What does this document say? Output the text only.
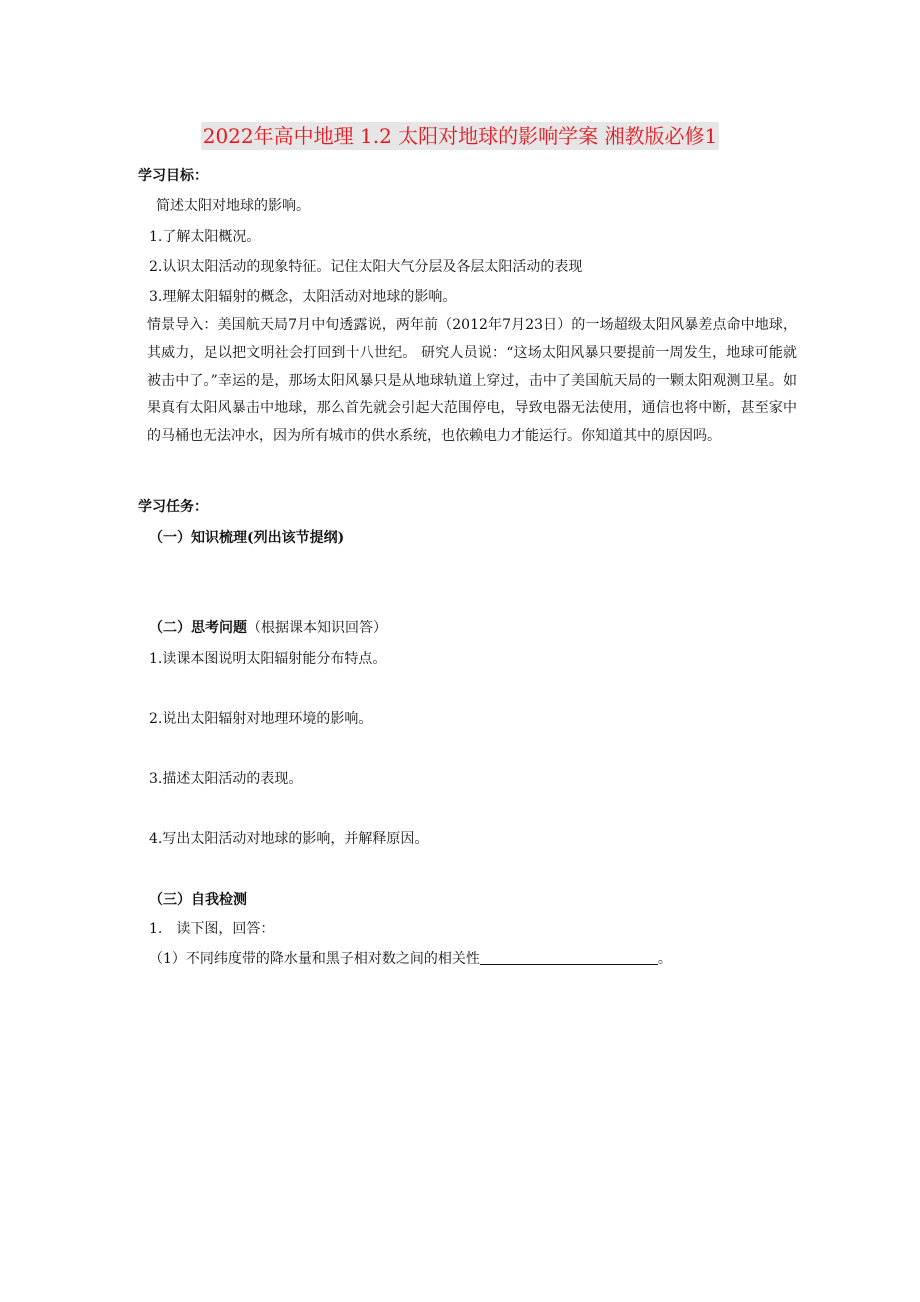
2022年高中地理 1.2 太阳对地球的影响学案 湘教版必修1
学习目标：
简述太阳对地球的影响。
1.了解太阳概况。
2.认识太阳活动的现象特征。记住太阳大气分层及各层太阳活动的表现
3.理解太阳辐射的概念，太阳活动对地球的影响。
情景导入：美国航天局7月中旬透露说，两年前（2012年7月23日）的一场超级太阳风暴差点命中地球，其威力，足以把文明社会打回到十八世纪。 研究人员说：“这场太阳风暴只要提前一周发生，地球可能就被击中了。”幸运的是，那场太阳风暴只是从地球轨道上穿过，击中了美国航天局的一颗太阳观测卫星。如果真有太阳风暴击中地球，那么首先就会引起大范围停电，导致电器无法使用，通信也将中断，甚至家中的马桶也无法冲水，因为所有城市的供水系统，也依赖电力才能运行。你知道其中的原因吗。
学习任务：
（一）知识梳理(列出该节提纲)
（二）思考问题（根据课本知识回答）
1.读课本图说明太阳辐射能分布特点。
2.说出太阳辐射对地理环境的影响。
3.描述太阳活动的表现。
4.写出太阳活动对地球的影响，并解释原因。
（三）自我检测
1.　读下图，回答：
（1）不同纬度带的降水量和黑子相对数之间的相关性	。
